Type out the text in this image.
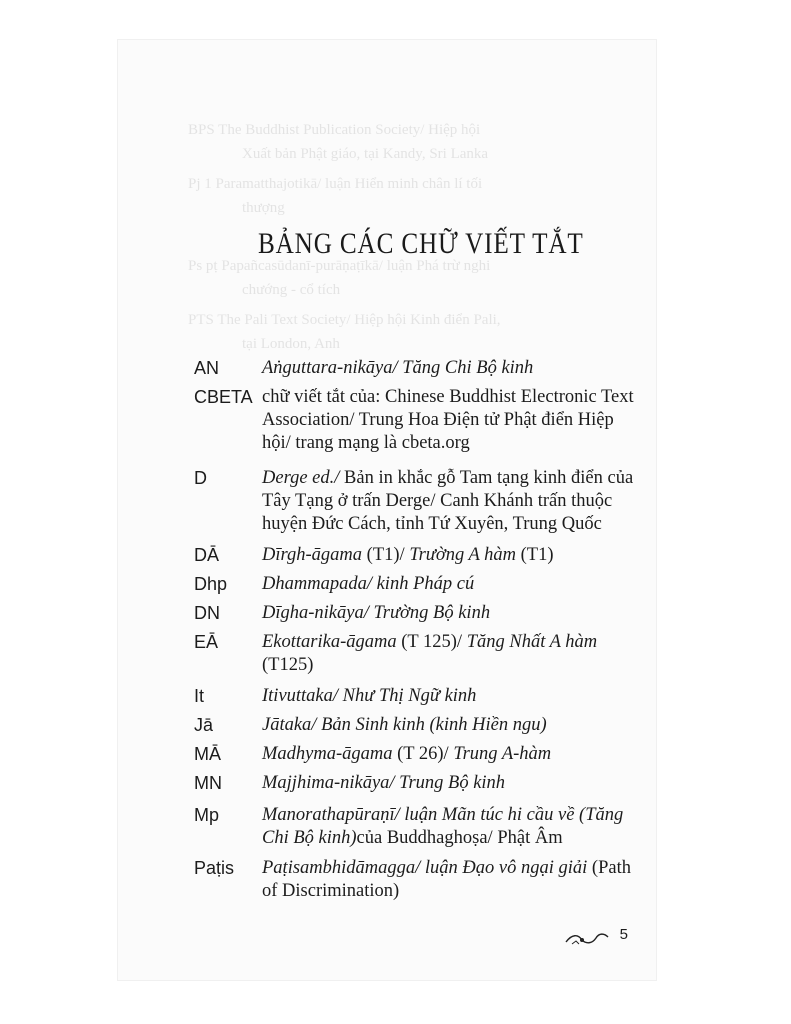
BPS The Buddhist Publication Society/ Hiệp hội
Xuất bản Phật giáo, tại Kandy, Sri Lanka
Pj 1 Paramatthajotikā/ luận Hiển minh chân lí tối
thượng
Ps pṭ Papañcasūdanī-purāṇaṭīkā/ luận Phá trừ nghi
chướng - cổ tích
PTS The Pali Text Society/ Hiệp hội Kinh điển Pali,
tại London, Anh
BẢNG CÁC CHỮ VIẾT TẮT
AN Aṅguttara-nikāya/ Tăng Chi Bộ kinh
CBETA chữ viết tắt của: Chinese Buddhist Electronic Text Association/ Trung Hoa Điện tử Phật điển Hiệp hội/ trang mạng là cbeta.org
D	Derge ed./ Bản in khắc gỗ Tam tạng kinh điển của Tây Tạng ở trấn Derge/ Canh Khánh trấn thuộc huyện Đức Cách, tỉnh Tứ Xuyên, Trung Quốc
DĀ Dīrgh-āgama (T1)/ Trường A hàm (T1)
Dhp Dhammapada/ kinh Pháp cú
DN Dīgha-nikāya/ Trường Bộ kinh
EĀ Ekottarika-āgama (T 125)/ Tăng Nhất A hàm (T125)
It	Itivuttaka/ Như Thị Ngữ kinh
Jā	Jātaka/ Bản Sinh kinh (kinh Hiền ngu)
MĀ Madhyma-āgama (T 26)/ Trung A-hàm
MN Majjhima-nikāya/ Trung Bộ kinh
Mp Manorathapūraṇī/ luận Mãn túc hi cầu về (Tăng Chi Bộ kinh)của Buddhaghoṣa/ Phật Âm
Paṭis Paṭisambhidāmagga/ luận Đạo vô ngại giải (Path of Discrimination)
5
